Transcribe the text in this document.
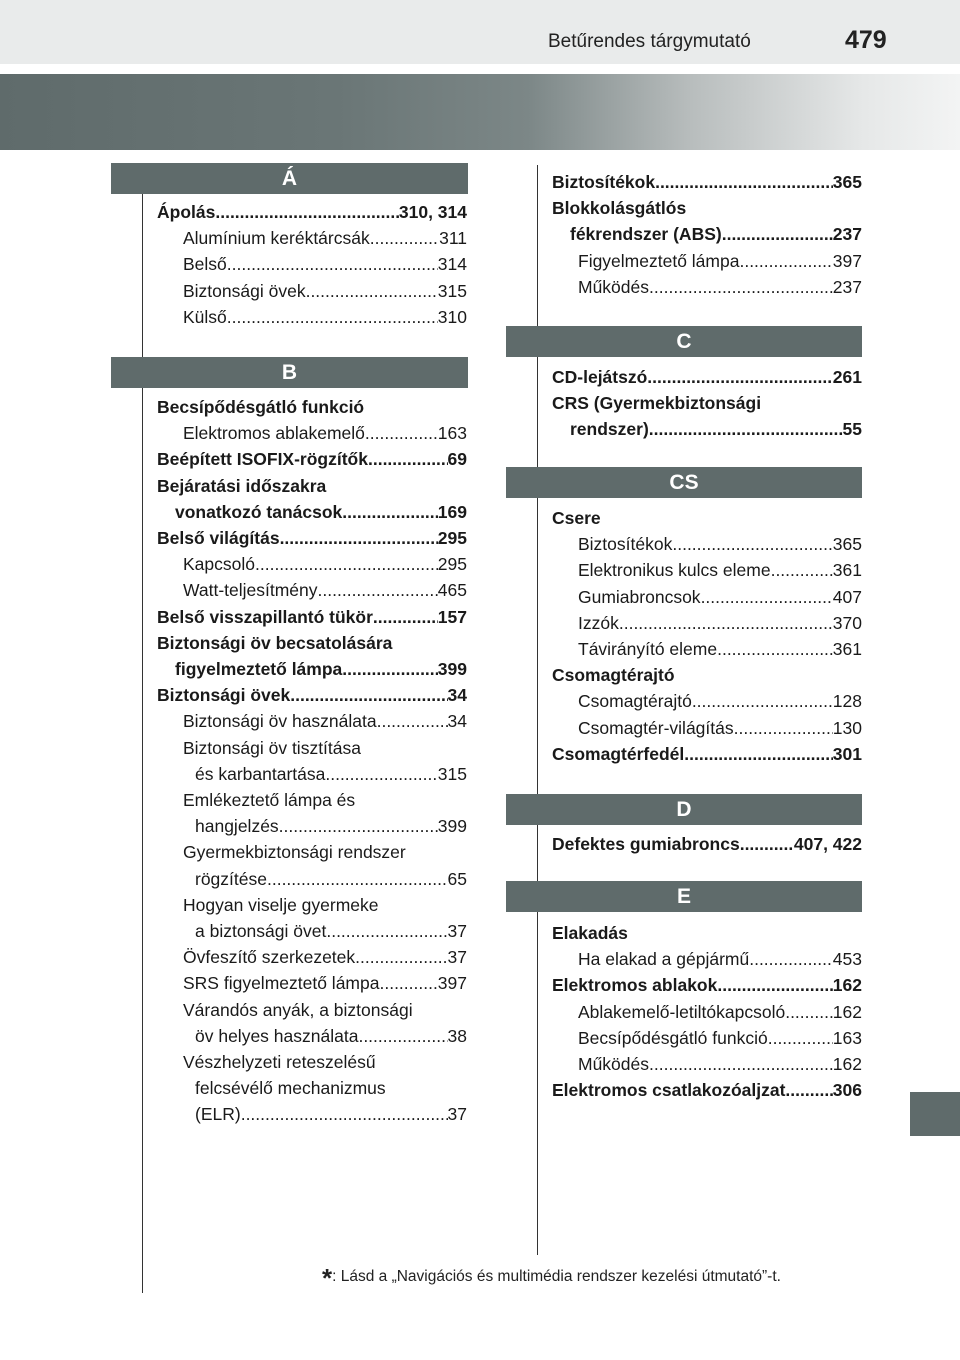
Betűrendes tárgymutató	479
Á
Ápolás .....	310, 314
Alumínium keréktárcsák .....	311
Belső .....	314
Biztonsági övek .....	315
Külső .....	310
B
Becsípődésgátló funkció
Elektromos ablakemelő .....	163
Beépített ISOFIX-rögzítők .....	69
Bejáratási időszakra
vonatkozó tanácsok .....	169
Belső világítás .....	295
Kapcsoló .....	295
Watt-teljesítmény .....	465
Belső visszapillantó tükör .....	157
Biztonsági öv becsatolására
figyelmeztető lámpa .....	399
Biztonsági övek .....	34
Biztonsági öv használata .....	34
Biztonsági öv tisztítása
és karbantartása .....	315
Emlékeztető lámpa és
hangjelzés .....	399
Gyermekbiztonsági rendszer
rögzítése .....	65
Hogyan viselje gyermeke
a biztonsági övet .....	37
Övfeszítő szerkezetek .....	37
SRS figyelmeztető lámpa .....	397
Várandós anyák, a biztonsági
öv helyes használata .....	38
Vészhelyzeti reteszelésű
felcsévélő mechanizmus
(ELR) .....	37
Biztosítékok .....	365
Blokkolásgátlós
fékrendszer (ABS) .....	237
Figyelmeztető lámpa .....	397
Működés .....	237
C
CD-lejátszó .....	261
CRS (Gyermekbiztonsági
rendszer) .....	55
CS
Csere
Biztosítékok .....	365
Elektronikus kulcs eleme .....	361
Gumiabroncsok .....	407
Izzók .....	370
Távirányító eleme .....	361
Csomagtérajtó
Csomagtérajtó .....	128
Csomagtér-világítás .....	130
Csomagtérfedél .....	301
D
Defektes gumiabroncs .....	407, 422
E
Elakadás
Ha elakad a gépjármű .....	453
Elektromos ablakok .....	162
Ablakemelő-letiltókapcsoló .....	162
Becsípődésgátló funkció .....	163
Működés .....	162
Elektromos csatlakozóaljzat .....	306
*: Lásd a „Navigációs és multimédia rendszer kezelési útmutató”-t.
